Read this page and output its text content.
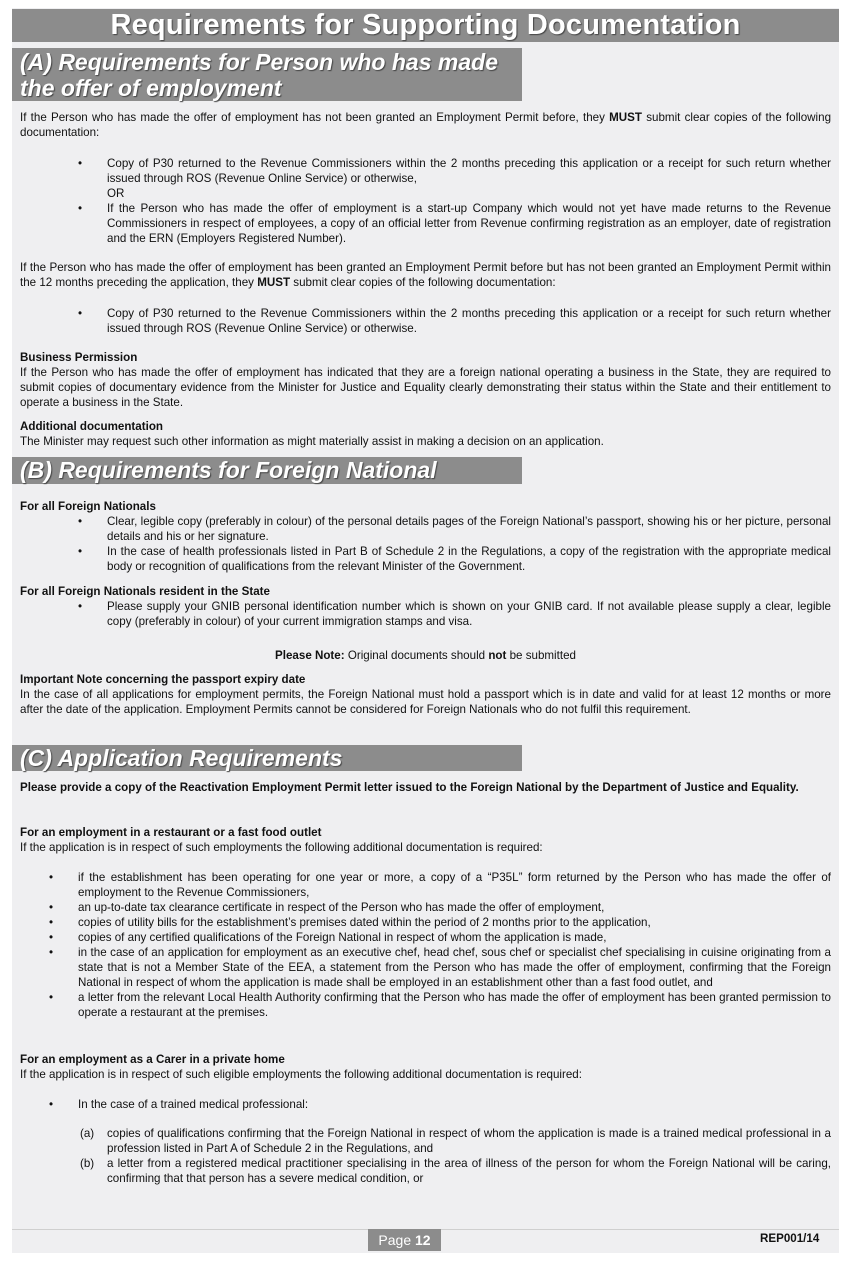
Requirements for Supporting Documentation
(A) Requirements for Person who has made
the offer of employment
If the Person who has made the offer of employment has not been granted an Employment Permit before, they MUST submit clear copies of the following documentation:
• Copy of P30 returned to the Revenue Commissioners within the 2 months preceding this application or a receipt for such return whether issued through ROS (Revenue Online Service) or otherwise,
OR
• If the Person who has made the offer of employment is a start-up Company which would not yet have made returns to the Revenue Commissioners in respect of employees, a copy of an official letter from Revenue confirming registration as an employer, date of registration and the ERN (Employers Registered Number).
If the Person who has made the offer of employment has been granted an Employment Permit before but has not been granted an Employment Permit within the 12 months preceding the application, they MUST submit clear copies of the following documentation:
• Copy of P30 returned to the Revenue Commissioners within the 2 months preceding this application or a receipt for such return whether issued through ROS (Revenue Online Service) or otherwise.
Business Permission
If the Person who has made the offer of employment has indicated that they are a foreign national operating a business in the State, they are required to submit copies of documentary evidence from the Minister for Justice and Equality clearly demonstrating their status within the State and their entitlement to operate a business in the State.
Additional documentation
The Minister may request such other information as might materially assist in making a decision on an application.
(B) Requirements for Foreign National
For all Foreign Nationals
• Clear, legible copy (preferably in colour) of the personal details pages of the Foreign National’s passport, showing his or her picture, personal details and his or her signature.
• In the case of health professionals listed in Part B of Schedule 2 in the Regulations, a copy of the registration with the appropriate medical body or recognition of qualifications from the relevant Minister of the Government.
For all Foreign Nationals resident in the State
• Please supply your GNIB personal identification number which is shown on your GNIB card. If not available please supply a clear, legible copy (preferably in colour) of your current immigration stamps and visa.
Please Note: Original documents should not be submitted
Important Note concerning the passport expiry date
In the case of all applications for employment permits, the Foreign National must hold a passport which is in date and valid for at least 12 months or more after the date of the application. Employment Permits cannot be considered for Foreign Nationals who do not fulfil this requirement.
(C) Application Requirements
Please provide a copy of the Reactivation Employment Permit letter issued to the Foreign National by the Department of Justice and Equality.
For an employment in a restaurant or a fast food outlet
If the application is in respect of such employments the following additional documentation is required:
• if the establishment has been operating for one year or more, a copy of a “P35L” form returned by the Person who has made the offer of employment to the Revenue Commissioners,
• an up-to-date tax clearance certificate in respect of the Person who has made the offer of employment,
• copies of utility bills for the establishment’s premises dated within the period of 2 months prior to the application,
• copies of any certified qualifications of the Foreign National in respect of whom the application is made,
• in the case of an application for employment as an executive chef, head chef, sous chef or specialist chef specialising in cuisine originating from a state that is not a Member State of the EEA, a statement from the Person who has made the offer of employment, confirming that the Foreign National in respect of whom the application is made shall be employed in an establishment other than a fast food outlet, and
• a letter from the relevant Local Health Authority confirming that the Person who has made the offer of employment has been granted permission to operate a restaurant at the premises.
For an employment as a Carer in a private home
If the application is in respect of such eligible employments the following additional documentation is required:
• In the case of a trained medical professional:
(a) copies of qualifications confirming that the Foreign National in respect of whom the application is made is a trained medical professional in a profession listed in Part A of Schedule 2 in the Regulations, and
(b) a letter from a registered medical practitioner specialising in the area of illness of the person for whom the Foreign National will be caring, confirming that that person has a severe medical condition, or
Page 12	REP001/14
